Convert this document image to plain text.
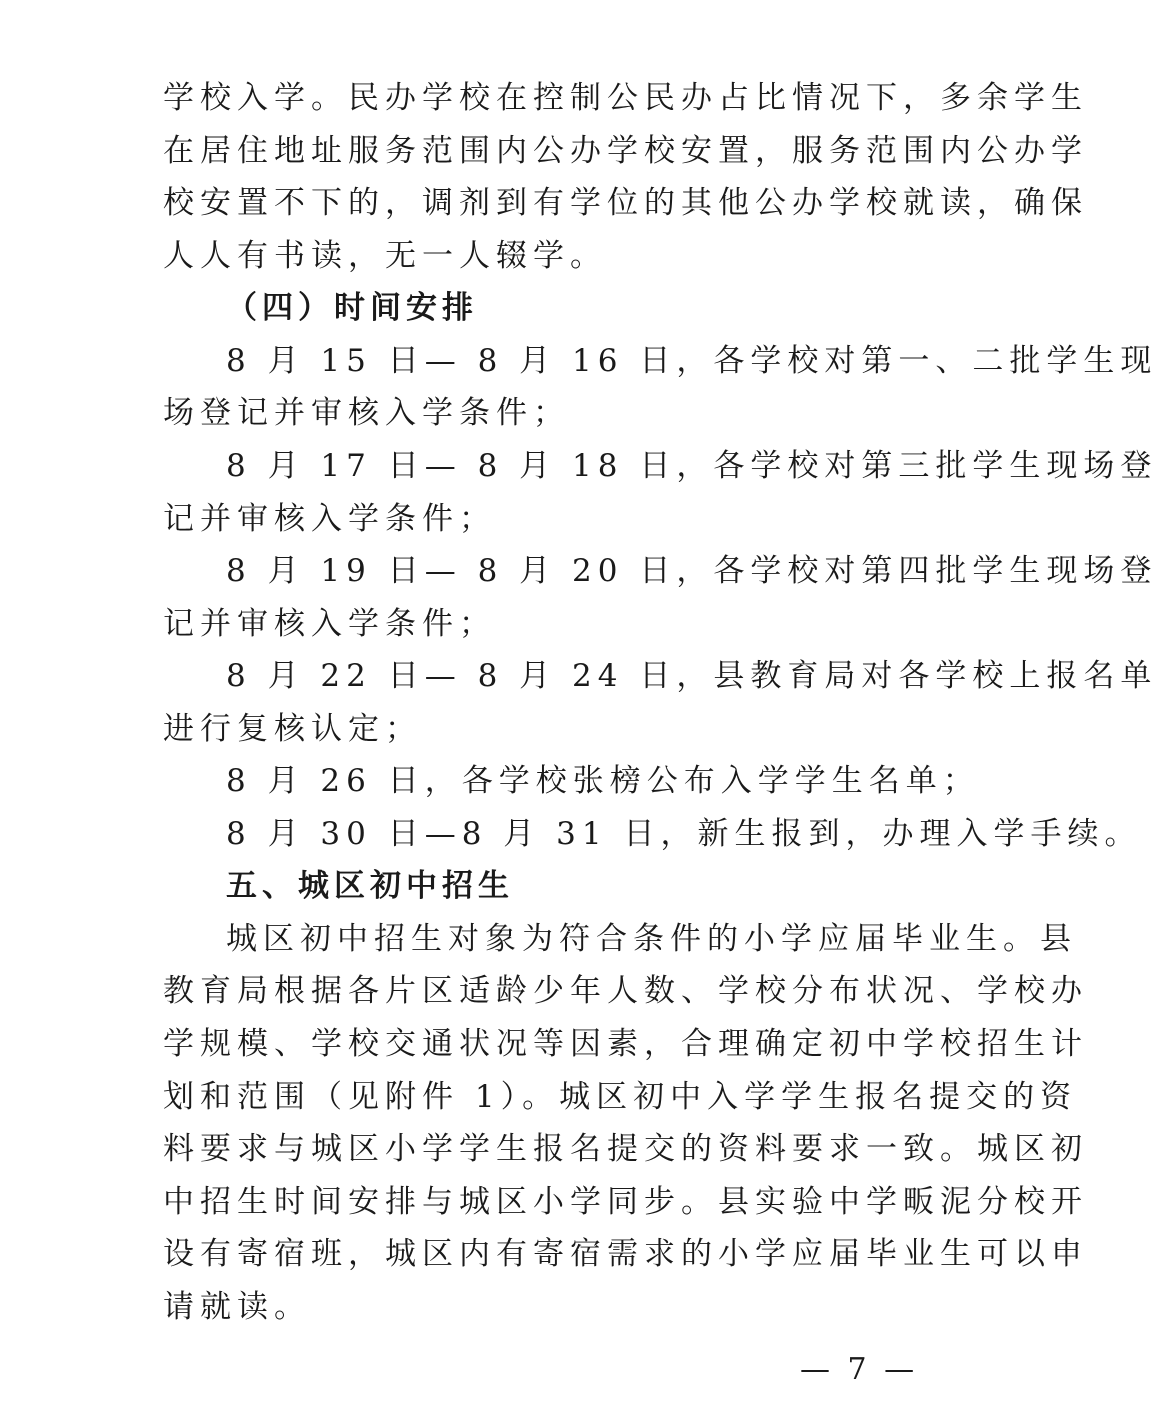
学校入学。民办学校在控制公民办占比情况下，多余学生
在居住地址服务范围内公办学校安置，服务范围内公办学
校安置不下的，调剂到有学位的其他公办学校就读，确保
人人有书读，无一人辍学。
（四）时间安排
8 月 15 日— 8 月 16 日，各学校对第一、二批学生现
场登记并审核入学条件；
8 月 17 日— 8 月 18 日，各学校对第三批学生现场登
记并审核入学条件；
8 月 19 日— 8 月 20 日，各学校对第四批学生现场登
记并审核入学条件；
8 月 22 日— 8 月 24 日，县教育局对各学校上报名单
进行复核认定；
8 月 26 日，各学校张榜公布入学学生名单；
8 月 30 日—8 月 31 日，新生报到，办理入学手续。
五、城区初中招生
城区初中招生对象为符合条件的小学应届毕业生。县
教育局根据各片区适龄少年人数、学校分布状况、学校办
学规模、学校交通状况等因素，合理确定初中学校招生计
划和范围（见附件 1）。城区初中入学学生报名提交的资
料要求与城区小学学生报名提交的资料要求一致。城区初
中招生时间安排与城区小学同步。县实验中学畈泥分校开
设有寄宿班，城区内有寄宿需求的小学应届毕业生可以申
请就读。
— 7 —
